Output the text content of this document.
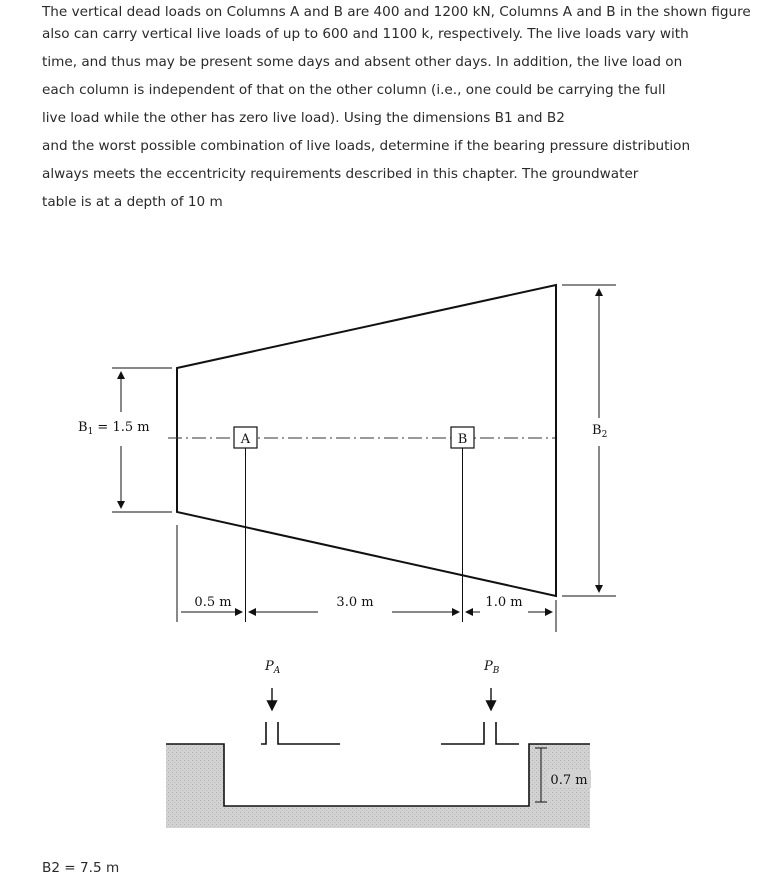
The vertical dead loads on Columns A and B are 400 and 1200 kN, Columns A and B in the shown figure
also can carry vertical live loads of up to 600 and 1100 k, respectively. The live loads vary with
time, and thus may be present some days and absent other days. In addition, the live load on
each column is independent of that on the other column (i.e., one could be carrying the full
live load while the other has zero live load). Using the dimensions B1 and B2
and the worst possible combination of live loads, determine if the bearing pressure distribution
always meets the eccentricity requirements described in this chapter. The groundwater
table is at a depth of 10 m
A	B
$B_1 = 1.5$ m	$B_2$
0.5 m	3.0 m	1.0 m
$P_A$	$P_B$
0.7 m
B2 = 7.5 m
